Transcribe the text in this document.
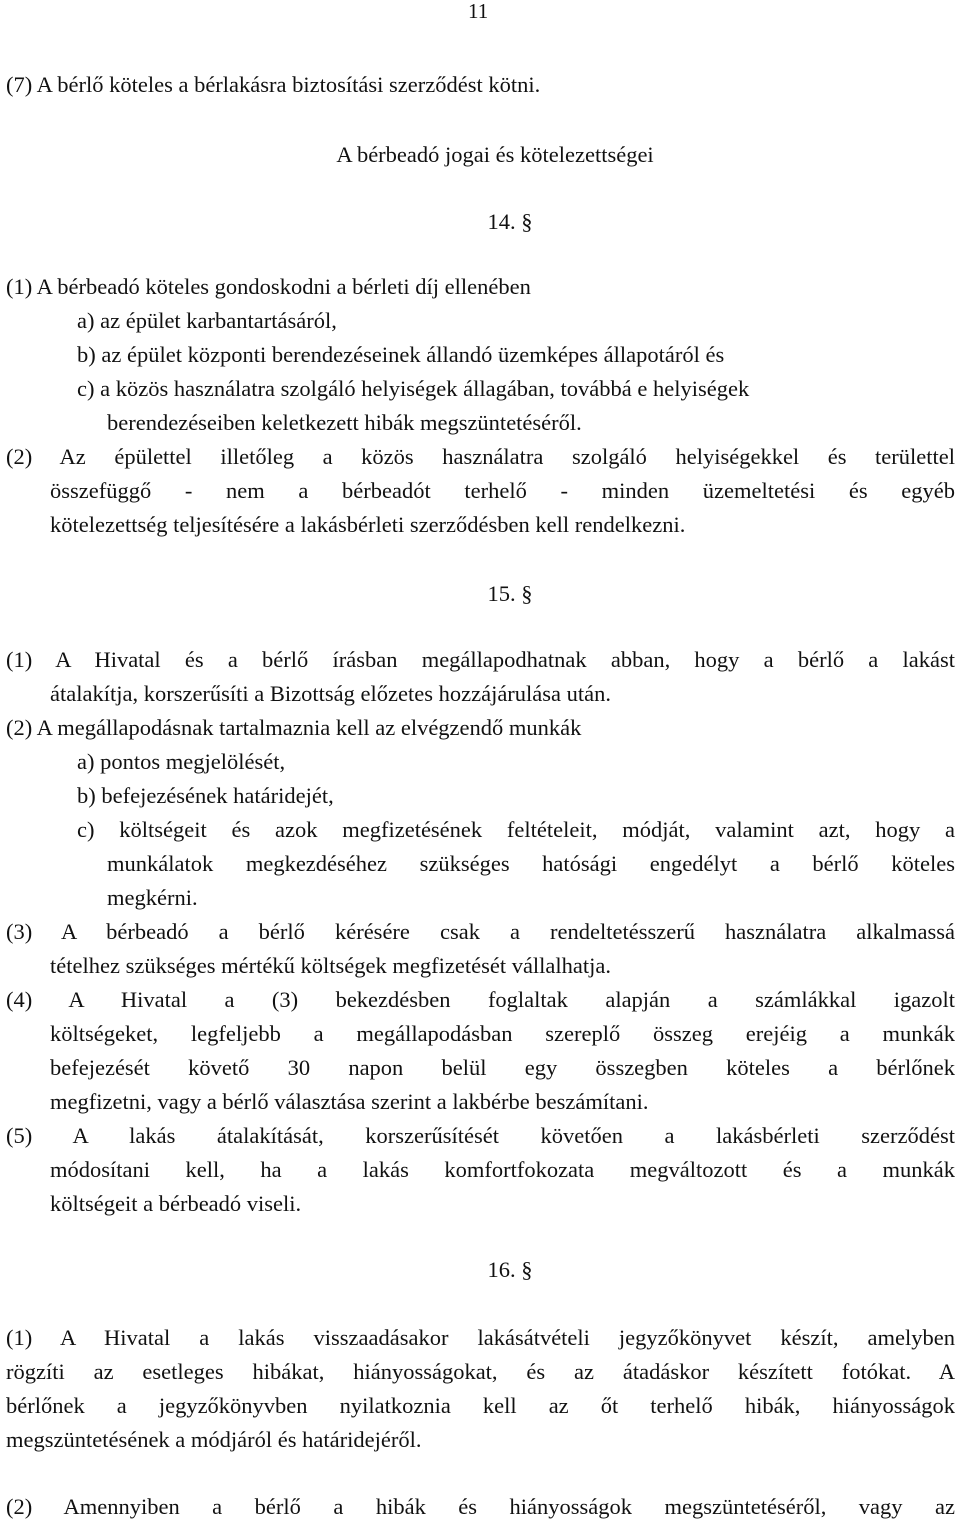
11
(7) A bérlő köteles a bérlakásra biztosítási szerződést kötni.
A bérbeadó jogai és kötelezettségei
14. §
(1) A bérbeadó köteles gondoskodni a bérleti díj ellenében
a) az épület karbantartásáról,
b) az épület központi berendezéseinek állandó üzemképes állapotáról és
c) a közös használatra szolgáló helyiségek állagában, továbbá e helyiségek
berendezéseiben keletkezett hibák megszüntetéséről.
(2) Az épülettel illetőleg a közös használatra szolgáló helyiségekkel és területtel
összefüggő - nem a bérbeadót terhelő - minden üzemeltetési és egyéb
kötelezettség teljesítésére a lakásbérleti szerződésben kell rendelkezni.
15. §
(1) A Hivatal és a bérlő írásban megállapodhatnak abban, hogy a bérlő a lakást
átalakítja, korszerűsíti a Bizottság előzetes hozzájárulása után.
(2) A megállapodásnak tartalmaznia kell az elvégzendő munkák
a) pontos megjelölését,
b) befejezésének határidejét,
c) költségeit és azok megfizetésének feltételeit, módját, valamint azt, hogy a
munkálatok megkezdéséhez szükséges hatósági engedélyt a bérlő köteles
megkérni.
(3) A bérbeadó a bérlő kérésére csak a rendeltetésszerű használatra alkalmassá
tételhez szükséges mértékű költségek megfizetését vállalhatja.
(4) A Hivatal a (3) bekezdésben foglaltak alapján a számlákkal igazolt
költségeket, legfeljebb a megállapodásban szereplő összeg erejéig a munkák
befejezését követő 30 napon belül egy összegben köteles a bérlőnek
megfizetni, vagy a bérlő választása szerint a lakbérbe beszámítani.
(5) A lakás átalakítását, korszerűsítését követően a lakásbérleti szerződést
módosítani kell, ha a lakás komfortfokozata megváltozott és a munkák
költségeit a bérbeadó viseli.
16. §
(1) A Hivatal a lakás visszaadásakor lakásátvételi jegyzőkönyvet készít, amelyben
rögzíti az esetleges hibákat, hiányosságokat, és az átadáskor készített fotókat. A
bérlőnek a jegyzőkönyvben nyilatkoznia kell az őt terhelő hibák, hiányosságok
megszüntetésének a módjáról és határidejéről.
(2) Amennyiben a bérlő a hibák és hiányosságok megszüntetéséről, vagy az
